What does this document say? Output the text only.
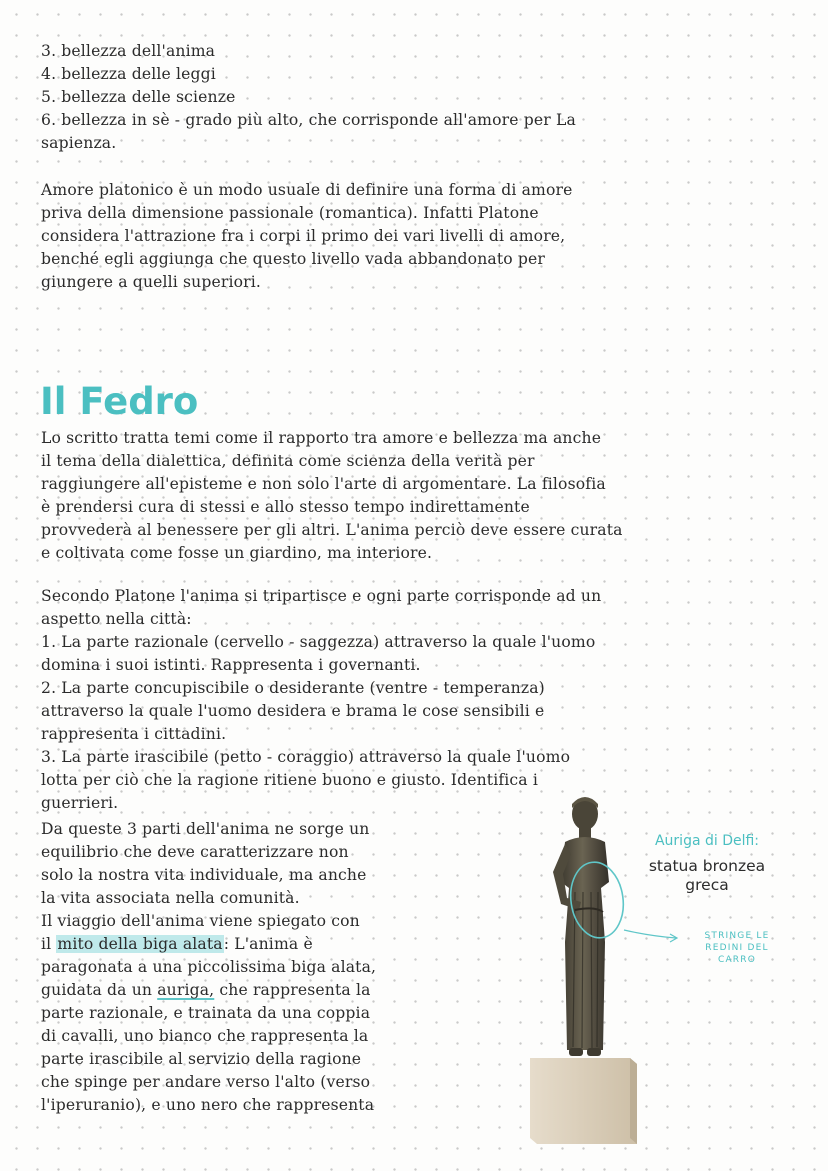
3. bellezza dell'anima

4. bellezza delle leggi

5. bellezza delle scienze

6. bellezza in sè - grado più alto, che corrisponde all'amore per La

sapienza.

Amore platonico è un modo usuale di definire una forma di amore

priva della dimensione passionale (romantica). Infatti Platone

considera l'attrazione fra i corpi il primo dei vari livelli di amore,

benché egli aggiunga che questo livello vada abbandonato per

giungere a quelli superiori.

Il Fedro

Lo scritto tratta temi come il rapporto tra amore e bellezza ma anche

il tema della dialettica, definita come scienza della verità per

raggiungere all'episteme e non solo l'arte di argomentare. La filosofia

è prendersi cura di stessi e allo stesso tempo indirettamente

provvederà al benessere per gli altri. L'anima perciò deve essere curata

e coltivata come fosse un giardino, ma interiore.

Secondo Platone l'anima si tripartisce e ogni parte corrisponde ad un

aspetto nella città:

1. La parte razionale (cervello - saggezza) attraverso la quale l'uomo

domina i suoi istinti. Rappresenta i governanti.

2. La parte concupiscibile o desiderante (ventre - temperanza)

attraverso la quale l'uomo desidera e brama le cose sensibili e

rappresenta i cittadini.

3. La parte irascibile (petto - coraggio) attraverso la quale l'uomo

lotta per ciò che la ragione ritiene buono e giusto. Identifica i

guerrieri.

Da queste 3 parti dell'anima ne sorge un

equilibrio che deve caratterizzare non

solo la nostra vita individuale, ma anche

la vita associata nella comunità.

Il viaggio dell'anima viene spiegato con

il mito della biga alata: L'anima è

paragonata a una piccolissima biga alata,

guidata da un auriga, che rappresenta la

parte razionale, e trainata da una coppia

di cavalli, uno bianco che rappresenta la

parte irascibile al servizio della ragione

che spinge per andare verso l'alto (verso

l'iperuranio), e uno nero che rappresenta

Auriga di Delfi:
statua bronzea
greca
STRINGE LE
REDINI DEL
CARRO
